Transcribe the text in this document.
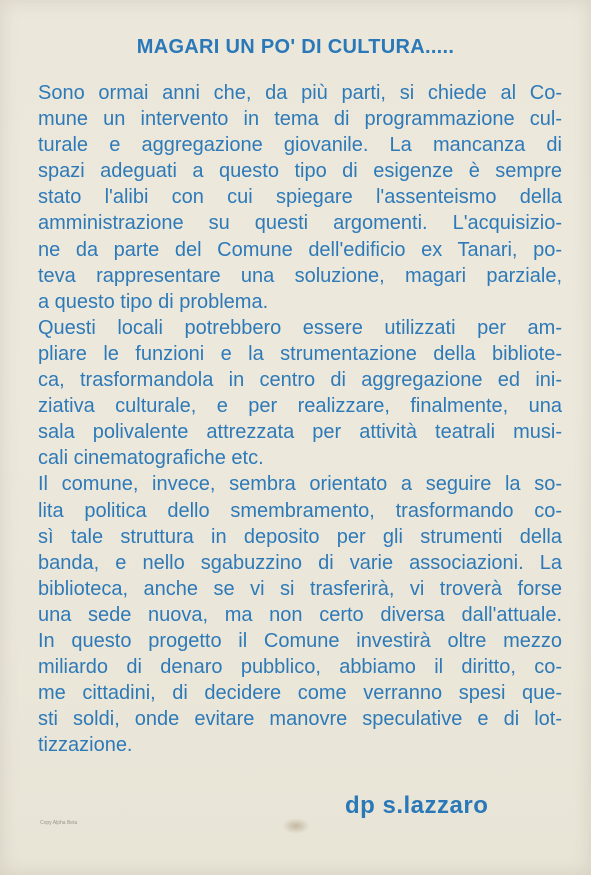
MAGARI UN PO' DI CULTURA.....
Sono ormai anni che, da più parti, si chiede al Co-
mune un intervento in tema di programmazione cul-
turale e aggregazione giovanile. La mancanza di
spazi adeguati a questo tipo di esigenze è sempre
stato l'alibi con cui spiegare l'assenteismo della
amministrazione su questi argomenti. L'acquisizio-
ne da parte del Comune dell'edificio ex Tanari, po-
teva rappresentare una soluzione, magari parziale,
a questo tipo di problema.
Questi locali potrebbero essere utilizzati per am-
pliare le funzioni e la strumentazione della bibliote-
ca, trasformandola in centro di aggregazione ed ini-
ziativa culturale, e per realizzare, finalmente, una
sala polivalente attrezzata per attività teatrali musi-
cali cinematografiche etc.
Il comune, invece, sembra orientato a seguire la so-
lita politica dello smembramento, trasformando co-
sì tale struttura in deposito per gli strumenti della
banda, e nello sgabuzzino di varie associazioni. La
biblioteca, anche se vi si trasferirà, vi troverà forse
una sede nuova, ma non certo diversa dall'attuale.
In questo progetto il Comune investirà oltre mezzo
miliardo di denaro pubblico, abbiamo il diritto, co-
me cittadini, di decidere come verranno spesi que-
sti soldi, onde evitare manovre speculative e di lot-
tizzazione.
Copy Alpha Beta
dp s.lazzaro
